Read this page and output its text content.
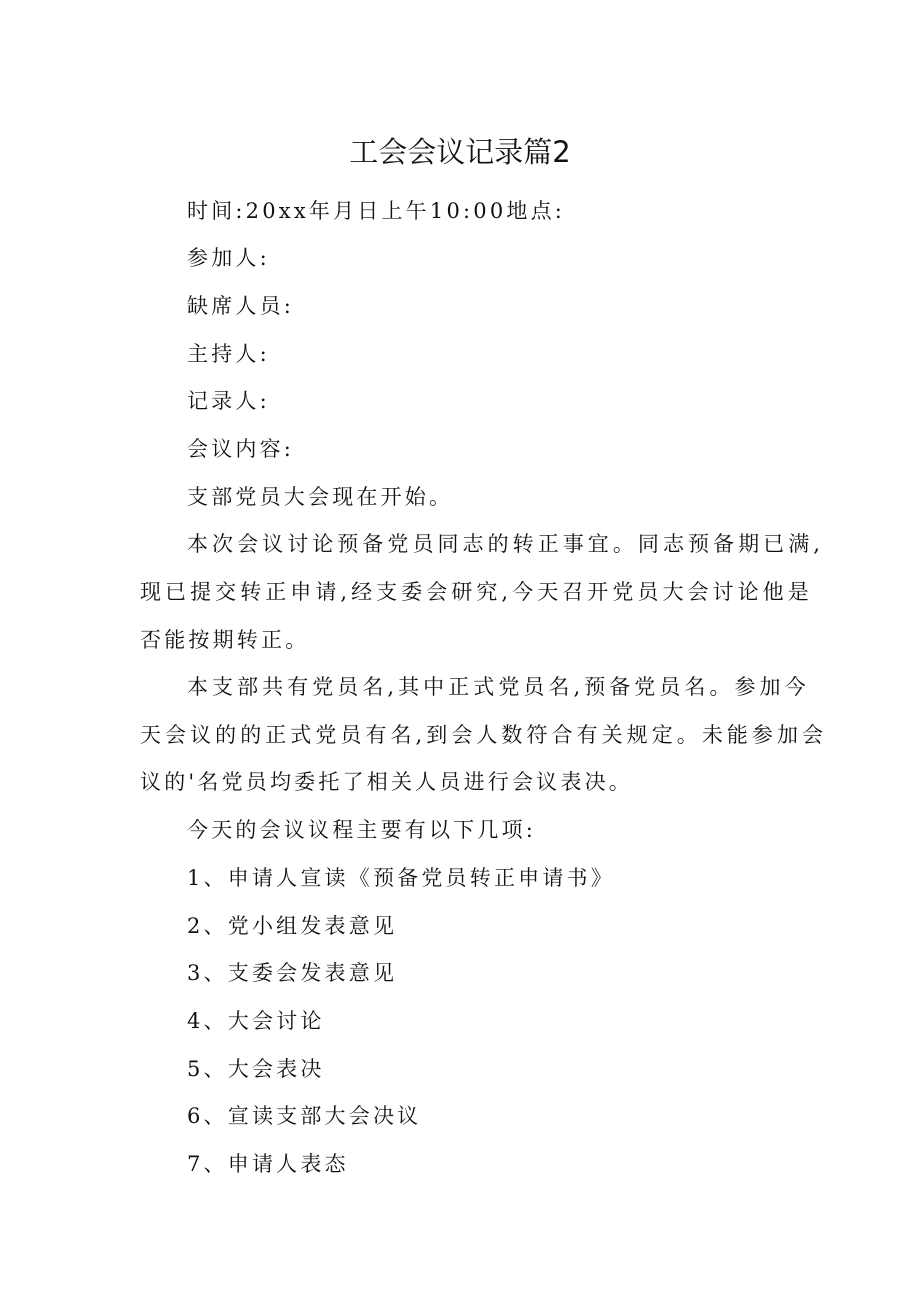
工会会议记录篇2
时间:20xx年月日上午10:00地点:
参加人:
缺席人员:
主持人:
记录人:
会议内容:
支部党员大会现在开始。
本次会议讨论预备党员同志的转正事宜。同志预备期已满,
现已提交转正申请,经支委会研究,今天召开党员大会讨论他是
否能按期转正。
本支部共有党员名,其中正式党员名,预备党员名。参加今
天会议的的正式党员有名,到会人数符合有关规定。未能参加会
议的'名党员均委托了相关人员进行会议表决。
今天的会议议程主要有以下几项:
1、申请人宣读《预备党员转正申请书》
2、党小组发表意见
3、支委会发表意见
4、大会讨论
5、大会表决
6、宣读支部大会决议
7、申请人表态
